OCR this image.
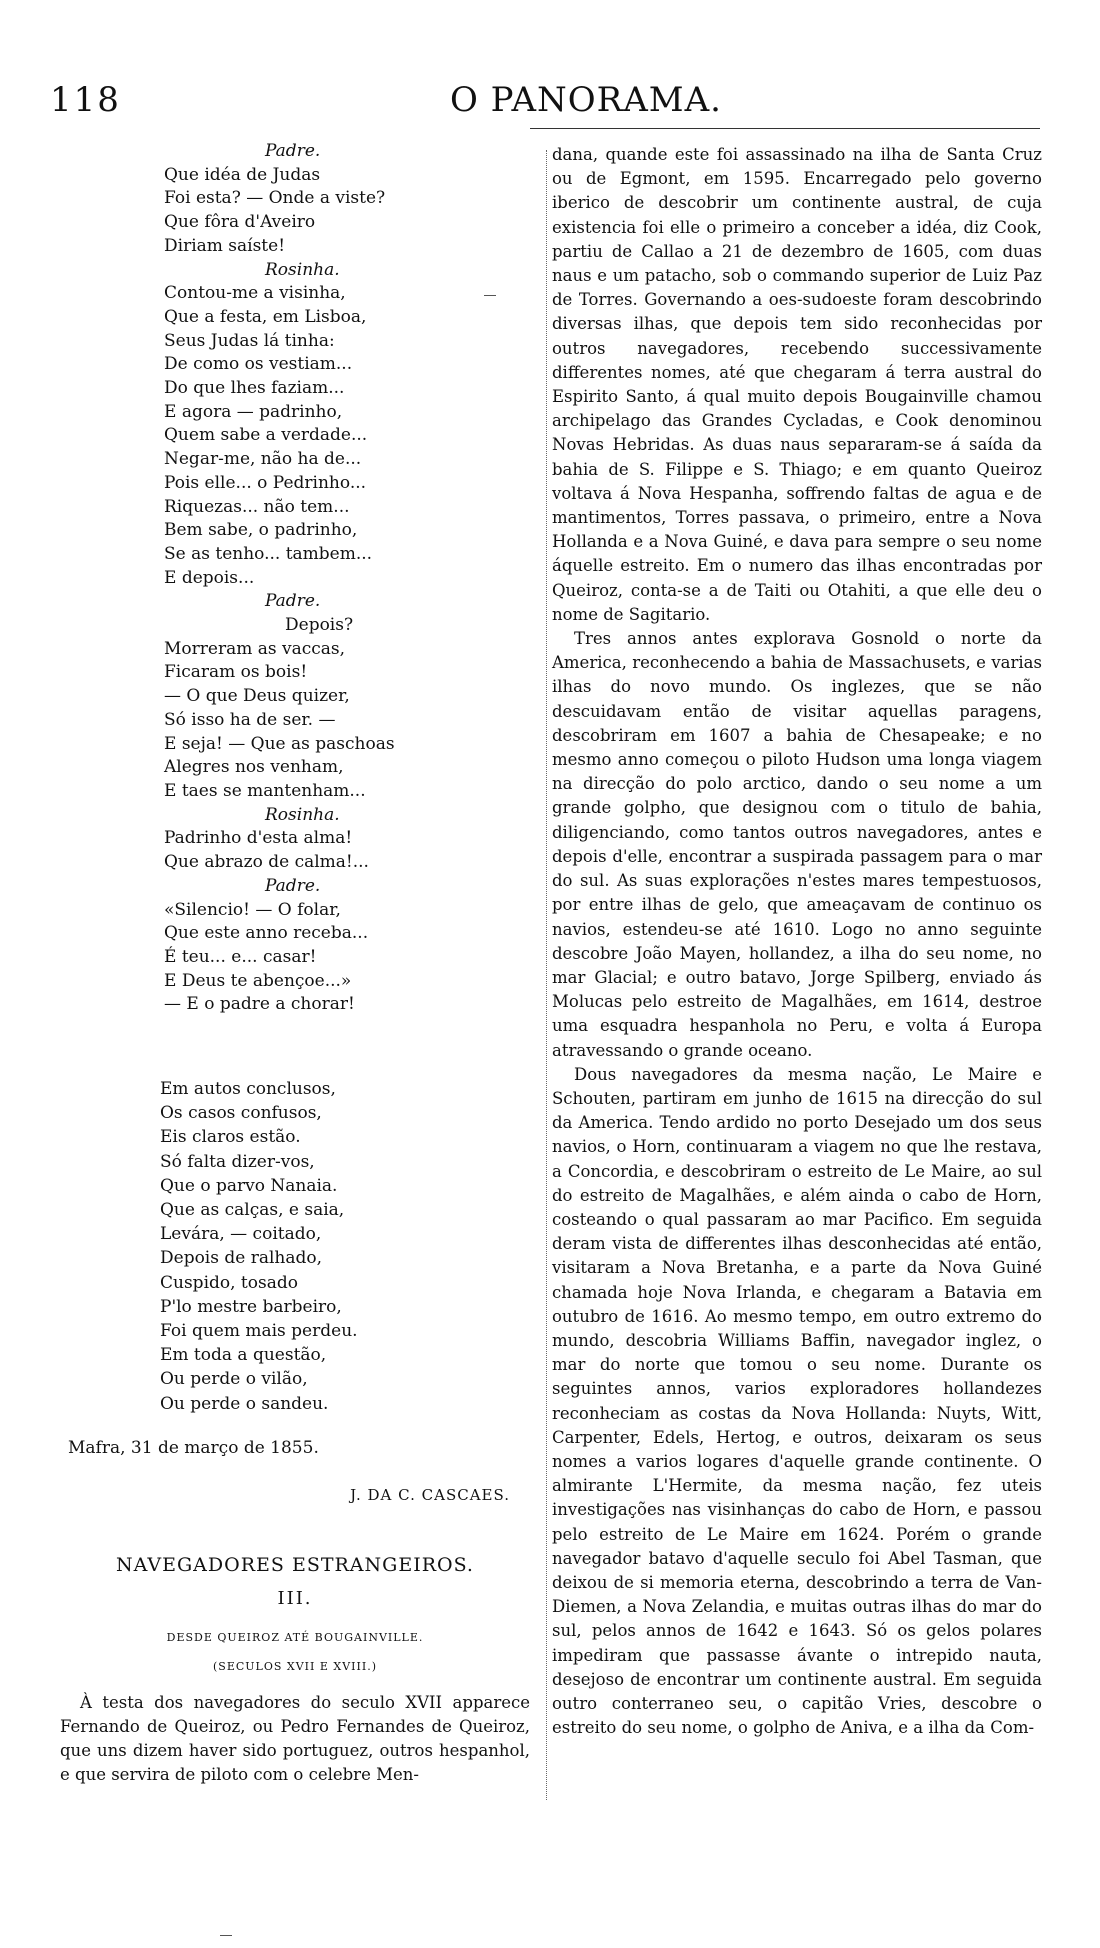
118	O PANORAMA.
Padre.
Que idéa de Judas
Foi esta? — Onde a viste?
Que fôra d'Aveiro
Diriam saíste!
Rosinha.
Contou-me a visinha,
Que a festa, em Lisboa,
Seus Judas lá tinha:
De como os vestiam...
Do que lhes faziam...
E agora — padrinho,
Quem sabe a verdade...
Negar-me, não ha de...
Pois elle... o Pedrinho...
Riquezas... não tem...
Bem sabe, o padrinho,
Se as tenho... tambem...
E depois...
Padre.
Depois?
Morreram as vaccas,
Ficaram os bois!
— O que Deus quizer,
Só isso ha de ser. —
E seja! — Que as paschoas
Alegres nos venham,
E taes se mantenham...
Rosinha.
Padrinho d'esta alma!
Que abrazo de calma!...
Padre.
«Silencio! — O folar,
Que este anno receba...
É teu... e... casar!
E Deus te abençoe...»
— E o padre a chorar!
Em autos conclusos,
Os casos confusos,
Eis claros estão.
Só falta dizer-vos,
Que o parvo Nanaia.
Que as calças, e saia,
Levára, — coitado,
Depois de ralhado,
Cuspido, tosado
P'lo mestre barbeiro,
Foi quem mais perdeu.
Em toda a questão,
Ou perde o vilão,
Ou perde o sandeu.
Mafra, 31 de março de 1855.
J. DA C. CASCAES.
NAVEGADORES ESTRANGEIROS.
III.
DESDE QUEIROZ ATÉ BOUGAINVILLE.
(SECULOS XVII E XVIII.)

À testa dos navegadores do seculo XVII apparece Fernando de Queiroz, ou Pedro Fernandes de Queiroz, que uns dizem haver sido portuguez, outros hespanhol, e que servira de piloto com o celebre Men-

dana, quande este foi assassinado na ilha de Santa Cruz ou de Egmont, em 1595. Encarregado pelo governo iberico de descobrir um continente austral, de cuja existencia foi elle o primeiro a conceber a idéa, diz Cook, partiu de Callao a 21 de dezembro de 1605, com duas naus e um patacho, sob o commando superior de Luiz Paz de Torres. Governando a oes-sudoeste foram descobrindo diversas ilhas, que depois tem sido reconhecidas por outros navegadores, recebendo successivamente differentes nomes, até que chegaram á terra austral do Espirito Santo, á qual muito depois Bougainville chamou archipelago das Grandes Cycladas, e Cook denominou Novas Hebridas. As duas naus separaram-se á saída da bahia de S. Filippe e S. Thiago; e em quanto Queiroz voltava á Nova Hespanha, soffrendo faltas de agua e de mantimentos, Torres passava, o primeiro, entre a Nova Hollanda e a Nova Guiné, e dava para sempre o seu nome áquelle estreito. Em o numero das ilhas encontradas por Queiroz, conta-se a de Taiti ou Otahiti, a que elle deu o nome de Sagitario.

Tres annos antes explorava Gosnold o norte da America, reconhecendo a bahia de Massachusets, e varias ilhas do novo mundo. Os inglezes, que se não descuidavam então de visitar aquellas paragens, descobriram em 1607 a bahia de Chesapeake; e no mesmo anno começou o piloto Hudson uma longa viagem na direcção do polo arctico, dando o seu nome a um grande golpho, que designou com o titulo de bahia, diligenciando, como tantos outros navegadores, antes e depois d'elle, encontrar a suspirada passagem para o mar do sul. As suas explorações n'estes mares tempestuosos, por entre ilhas de gelo, que ameaçavam de continuo os navios, estendeu-se até 1610. Logo no anno seguinte descobre João Mayen, hollandez, a ilha do seu nome, no mar Glacial; e outro batavo, Jorge Spilberg, enviado ás Molucas pelo estreito de Magalhães, em 1614, destroe uma esquadra hespanhola no Peru, e volta á Europa atravessando o grande oceano.

Dous navegadores da mesma nação, Le Maire e Schouten, partiram em junho de 1615 na direcção do sul da America. Tendo ardido no porto Desejado um dos seus navios, o Horn, continuaram a viagem no que lhe restava, a Concordia, e descobriram o estreito de Le Maire, ao sul do estreito de Magalhães, e além ainda o cabo de Horn, costeando o qual passaram ao mar Pacifico. Em seguida deram vista de differentes ilhas desconhecidas até então, visitaram a Nova Bretanha, e a parte da Nova Guiné chamada hoje Nova Irlanda, e chegaram a Batavia em outubro de 1616. Ao mesmo tempo, em outro extremo do mundo, descobria Williams Baffin, navegador inglez, o mar do norte que tomou o seu nome. Durante os seguintes annos, varios exploradores hollandezes reconheciam as costas da Nova Hollanda: Nuyts, Witt, Carpenter, Edels, Hertog, e outros, deixaram os seus nomes a varios logares d'aquelle grande continente. O almirante L'Hermite, da mesma nação, fez uteis investigações nas visinhanças do cabo de Horn, e passou pelo estreito de Le Maire em 1624. Porém o grande navegador batavo d'aquelle seculo foi Abel Tasman, que deixou de si memoria eterna, descobrindo a terra de Van-Diemen, a Nova Zelandia, e muitas outras ilhas do mar do sul, pelos annos de 1642 e 1643. Só os gelos polares impediram que passasse ávante o intrepido nauta, desejoso de encontrar um continente austral. Em seguida outro conterraneo seu, o capitão Vries, descobre o estreito do seu nome, o golpho de Aniva, e a ilha da Com-
